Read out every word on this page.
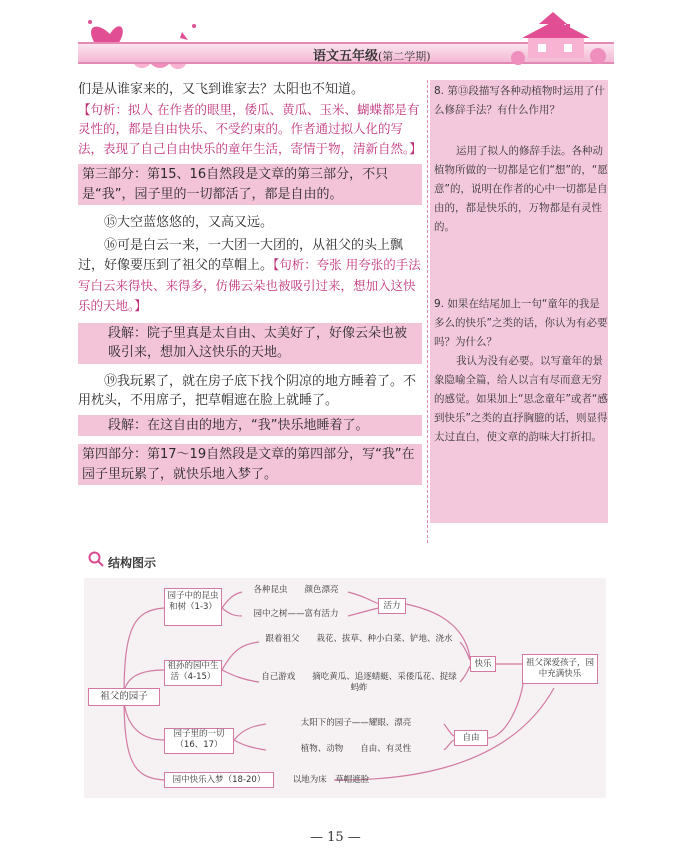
语文五年级(第二学期)

们是从谁家来的，又飞到谁家去？太阳也不知道。

【句析：拟人 在作者的眼里，倭瓜、黄瓜、玉米、蝴蝶都是有灵性的，都是自由快乐、不受约束的。作者通过拟人化的写法，表现了自己自由快乐的童年生活，寄情于物，清新自然。】

第三部分：第15、16自然段是文章的第三部分，不只是“我”，园子里的一切都活了，都是自由的。

⑮大空蓝悠悠的，又高又远。

⑯可是白云一来，一大团一大团的，从祖父的头上飘过，好像要压到了祖父的草帽上。【句析：夸张 用夸张的手法写白云来得快、来得多，仿佛云朵也被吸引过来，想加入这快乐的天地。】

段解：院子里真是太自由、太美好了，好像云朵也被吸引来，想加入这快乐的天地。

⑲我玩累了，就在房子底下找个阴凉的地方睡着了。不用枕头，不用席子，把草帽遮在脸上就睡了。

段解：在这自由的地方，“我”快乐地睡着了。

第四部分：第17～19自然段是文章的第四部分，写“我”在园子里玩累了，就快乐地入梦了。

8. 第⑬段描写各种动植物时运用了什么修辞手法？有什么作用？

运用了拟人的修辞手法。各种动植物所做的一切都是它们“想”的，“愿意”的，说明在作者的心中一切都是自由的，都是快乐的，万物都是有灵性的。

9. 如果在结尾加上一句“童年的我是多么的快乐”之类的话，你认为有必要吗？为什么？

我认为没有必要。以写童年的景象隐喻全篇，给人以言有尽而意无穷的感觉。如果加上“思念童年”或者“感到快乐”之类的直抒胸臆的话，则显得太过直白，使文章的韵味大打折扣。

结构图示
祖父的园子
园子中的昆虫和树（1-3）
各种昆虫　　颜色漂亮
园中之树——富有活力
活力
祖孙的园中生活（4-15）
跟着祖父　　栽花、拔草、种小白菜、铲地、浇水
自己游戏　　摘吃黄瓜、追逐蜻蜓、采倭瓜花、捉绿蚂蚱
快乐
园子里的一切（16、17）
太阳下的园子——耀眼、漂亮
植物、动物　　自由、有灵性
自由
园中快乐入梦（18-20）	以地为床　草帽遮脸
祖父深爱孩子，园中充满快乐
— 15 —
